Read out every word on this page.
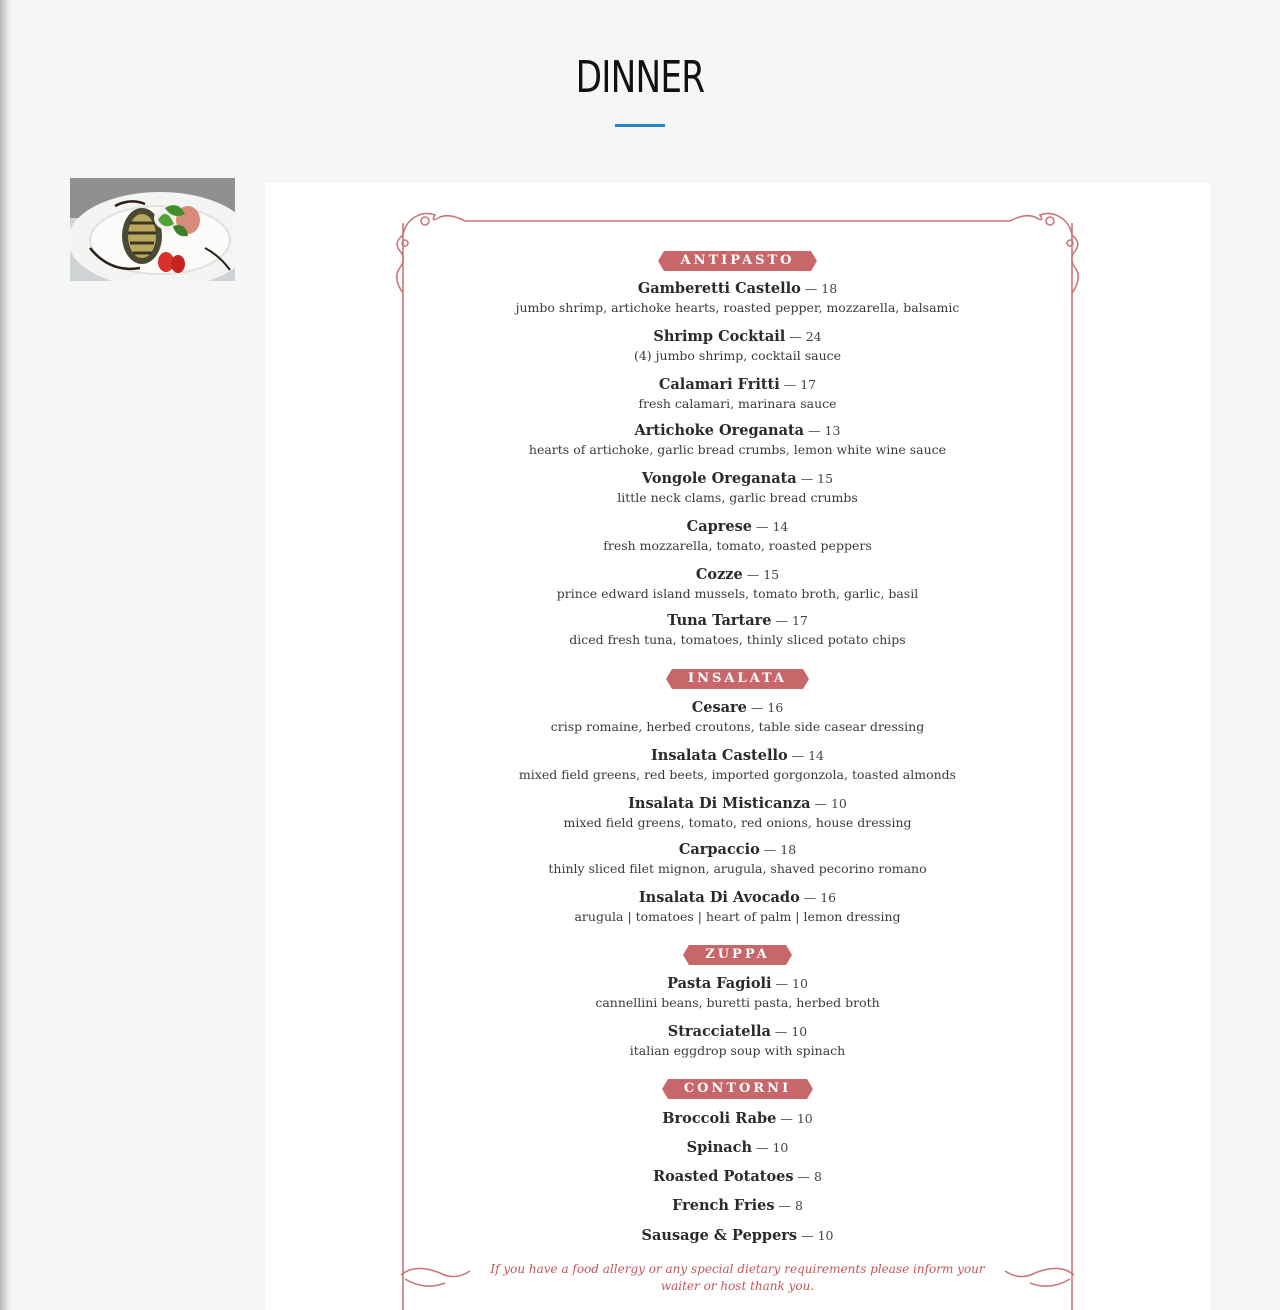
DINNER
ANTIPASTO
Gamberetti Castello — 18
jumbo shrimp, artichoke hearts, roasted pepper, mozzarella, balsamic
Shrimp Cocktail — 24
(4) jumbo shrimp, cocktail sauce
Calamari Fritti — 17
fresh calamari, marinara sauce
Artichoke Oreganata — 13
hearts of artichoke, garlic bread crumbs, lemon white wine sauce
Vongole Oreganata — 15
little neck clams, garlic bread crumbs
Caprese — 14
fresh mozzarella, tomato, roasted peppers
Cozze — 15
prince edward island mussels, tomato broth, garlic, basil
Tuna Tartare — 17
diced fresh tuna, tomatoes, thinly sliced potato chips
INSALATA
Cesare — 16
crisp romaine, herbed croutons, table side casear dressing
Insalata Castello — 14
mixed field greens, red beets, imported gorgonzola, toasted almonds
Insalata Di Misticanza — 10
mixed field greens, tomato, red onions, house dressing
Carpaccio — 18
thinly sliced filet mignon, arugula, shaved pecorino romano
Insalata Di Avocado — 16
arugula | tomatoes | heart of palm | lemon dressing
ZUPPA
Pasta Fagioli — 10
cannellini beans, buretti pasta, herbed broth
Stracciatella — 10
italian eggdrop soup with spinach
CONTORNI
Broccoli Rabe — 10
Spinach — 10
Roasted Potatoes — 8
French Fries — 8
Sausage & Peppers — 10
If you have a food allergy or any special dietary requirements please inform your waiter or host thank you.
